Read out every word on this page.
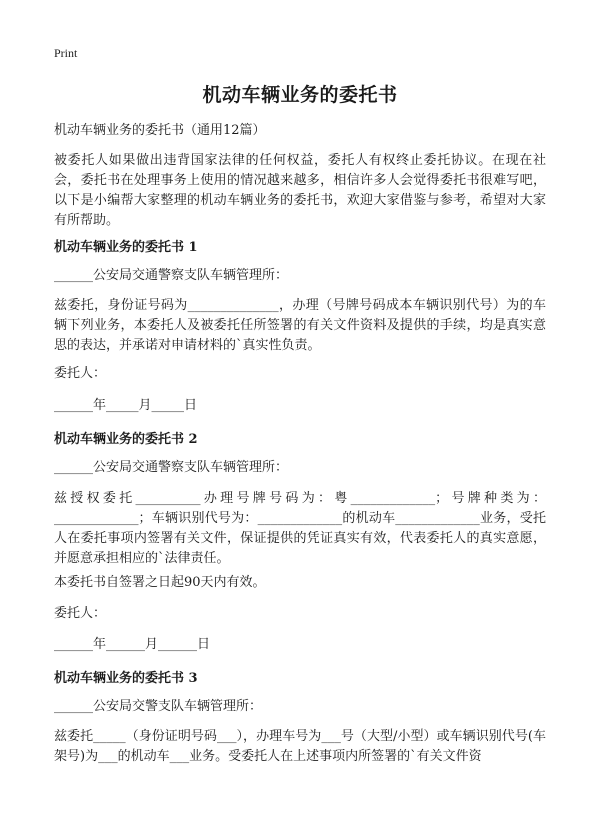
Print
机动车辆业务的委托书

机动车辆业务的委托书（通用12篇）

被委托人如果做出违背国家法律的任何权益，委托人有权终止委托协议。在现在社会，委托书在处理事务上使用的情况越来越多，相信许多人会觉得委托书很难写吧，以下是小编帮大家整理的机动车辆业务的委托书，欢迎大家借鉴与参考，希望对大家有所帮助。

机动车辆业务的委托书 1

______公安局交通警察支队车辆管理所：

兹委托，身份证号码为______________，办理（号牌号码成本车辆识别代号）为的车辆下列业务，本委托人及被委托任所签署的有关文件资料及提供的手续，均是真实意思的表达，并承诺对申请材料的`真实性负责。

委托人：

______年_____月_____日

机动车辆业务的委托书 2

______公安局交通警察支队车辆管理所：

兹授权委托__________办理号牌号码为：粤_____________；号牌种类为：_____________；车辆识别代号为：_____________的机动车_____________业务，受托人在委托事项内签署有关文件，保证提供的凭证真实有效，代表委托人的真实意愿，并愿意承担相应的`法律责任。

本委托书自签署之日起90天内有效。

委托人：

______年______月______日

机动车辆业务的委托书 3

______公安局交警支队车辆管理所：

兹委托_____（身份证明号码___），办理车号为___号（大型/小型）或车辆识别代号(车架号)为___的机动车___业务。受委托人在上述事项内所签署的`有关文件资
